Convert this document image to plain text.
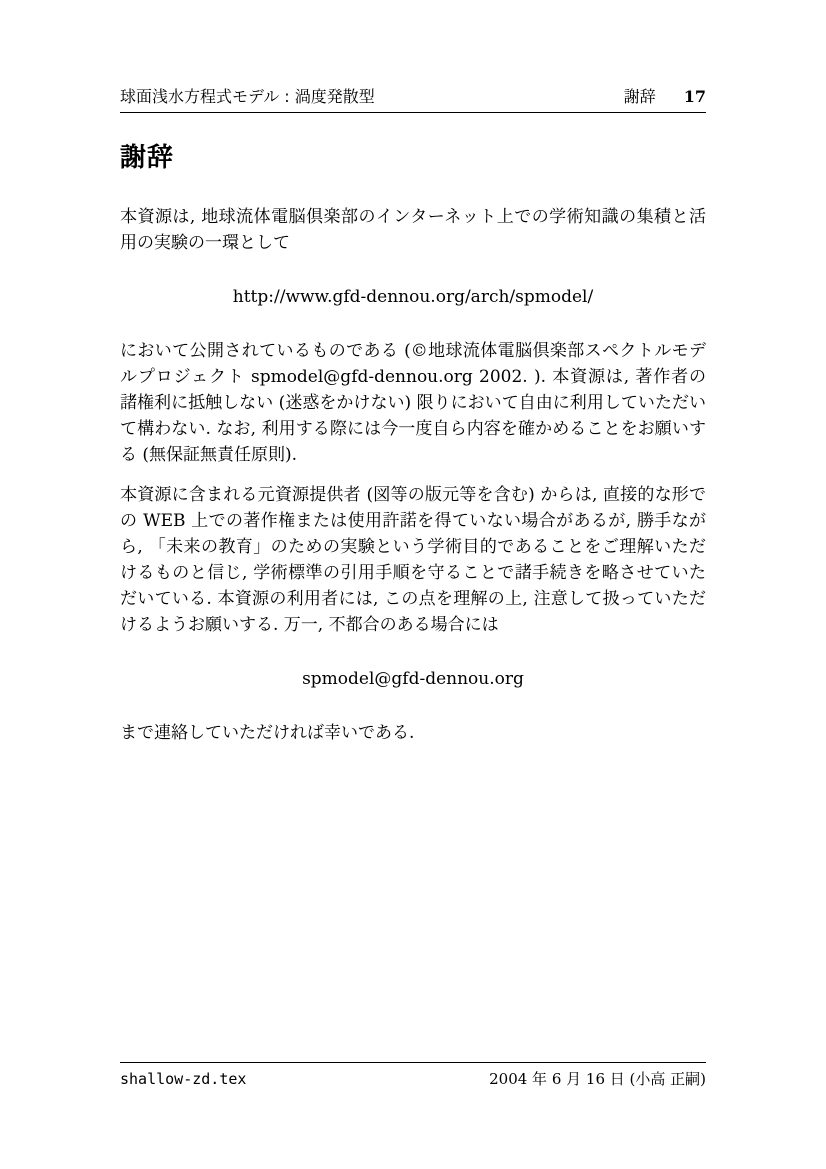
球面浅水方程式モデル : 渦度発散型	謝辞 17
謝辞

本資源は, 地球流体電脳倶楽部のインターネット上での学術知識の集積と活用の実験の一環として

http://www.gfd-dennou.org/arch/spmodel/

において公開されているものである (©地球流体電脳倶楽部スペクトルモデルプロジェクト spmodel@gfd-dennou.org 2002. ). 本資源は, 著作者の諸権利に抵触しない (迷惑をかけない) 限りにおいて自由に利用していただいて構わない. なお, 利用する際には今一度自ら内容を確かめることをお願いする (無保証無責任原則).

本資源に含まれる元資源提供者 (図等の版元等を含む) からは, 直接的な形での WEB 上での著作権または使用許諾を得ていない場合があるが, 勝手ながら, 「未来の教育」のための実験という学術目的であることをご理解いただけるものと信じ, 学術標準の引用手順を守ることで諸手続きを略させていただいている. 本資源の利用者には, この点を理解の上, 注意して扱っていただけるようお願いする. 万一, 不都合のある場合には

spmodel@gfd-dennou.org

まで連絡していただければ幸いである.

shallow-zd.tex	2004 年 6 月 16 日 (小高 正嗣)
